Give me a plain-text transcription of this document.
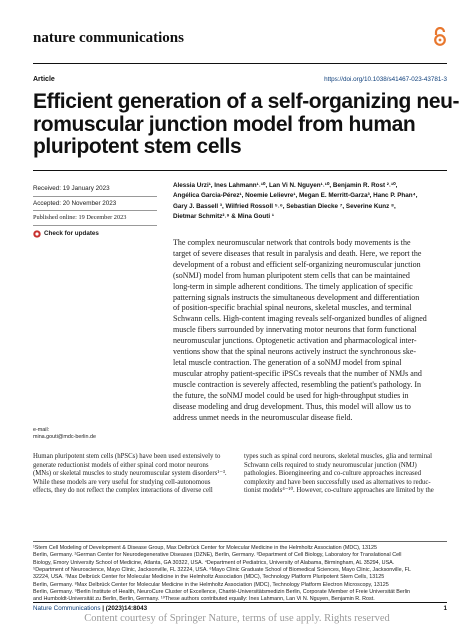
nature communications
Article	https://doi.org/10.1038/s41467-023-43781-3
Efficient generation of a self-organizing neu-
romuscular junction model from human
pluripotent stem cells
Received: 19 January 2023
Accepted: 20 November 2023
Published online: 19 December 2023
Check for updates
Alessia Urzi¹, Ines Lahmann¹˒¹⁰, Lan Vi N. Nguyen¹˒¹⁰, Benjamin R. Rost ²˒¹⁰,
Angélica Garcia-Pérez¹, Noemie Lelievre¹, Megan E. Merritt-Garza³, Hanc P. Phan⁴,
Gary J. Bassell ³, Wilfried Rossoll ⁵˒⁶, Sebastian Diecke ⁷, Severine Kunz ⁸,
Dietmar Schmitz²˒⁹ & Mina Gouti ¹
The complex neuromuscular network that controls body movements is the
target of severe diseases that result in paralysis and death. Here, we report the
development of a robust and efficient self-organizing neuromuscular junction
(soNMJ) model from human pluripotent stem cells that can be maintained
long-term in simple adherent conditions. The timely application of specific
patterning signals instructs the simultaneous development and differentiation
of position-specific brachial spinal neurons, skeletal muscles, and terminal
Schwann cells. High-content imaging reveals self-organized bundles of aligned
muscle fibers surrounded by innervating motor neurons that form functional
neuromuscular junctions. Optogenetic activation and pharmacological inter-
ventions show that the spinal neurons actively instruct the synchronous ske-
letal muscle contraction. The generation of a soNMJ model from spinal
muscular atrophy patient-specific iPSCs reveals that the number of NMJs and
muscle contraction is severely affected, resembling the patient's pathology. In
the future, the soNMJ model could be used for high-throughput studies in
disease modeling and drug development. Thus, this model will allow us to
address unmet needs in the neuromuscular disease field.
e-mail:
mina.gouti@mdc-berlin.de
Human pluripotent stem cells (hPSCs) have been used extensively to
generate reductionist models of either spinal cord motor neurons
(MNs) or skeletal muscles to study neuromuscular system disorders¹⁻³.
While these models are very useful for studying cell-autonomous
effects, they do not reflect the complex interactions of diverse cell
types such as spinal cord neurons, skeletal muscles, glia and terminal
Schwann cells required to study neuromuscular junction (NMJ)
pathologies. Bioengineering and co-culture approaches increased
complexity and have been successfully used as alternatives to reduc-
tionist models⁴⁻¹⁰. However, co-culture approaches are limited by the
¹Stem Cell Modeling of Development & Disease Group, Max Delbrück Center for Molecular Medicine in the Helmholtz Association (MDC), 13125
Berlin, Germany. ²German Center for Neurodegenerative Diseases (DZNE), Berlin, Germany. ³Department of Cell Biology, Laboratory for Translational Cell
Biology, Emory University School of Medicine, Atlanta, GA 30322, USA. ⁴Department of Pediatrics, University of Alabama, Birmingham, AL 35294, USA.
⁵Department of Neuroscience, Mayo Clinic, Jacksonville, FL 32224, USA. ⁶Mayo Clinic Graduate School of Biomedical Sciences, Mayo Clinic, Jacksonville, FL
32224, USA. ⁷Max Delbrück Center for Molecular Medicine in the Helmholtz Association (MDC), Technology Platform Pluripotent Stem Cells, 13125
Berlin, Germany. ⁸Max Delbrück Center for Molecular Medicine in the Helmholtz Association (MDC), Technology Platform Electron Microscopy, 13125
Berlin, Germany. ⁹Berlin Institute of Health, NeuroCure Cluster of Excellence, Charité-Universitätsmedizin Berlin, Corporate Member of Freie Universität Berlin
and Humboldt-Universität zu Berlin, Berlin, Germany. ¹⁰These authors contributed equally: Ines Lahmann, Lan Vi N. Nguyen, Benjamin R. Rost.
Nature Communications | (2023)14:8043	1
Content courtesy of Springer Nature, terms of use apply. Rights reserved
